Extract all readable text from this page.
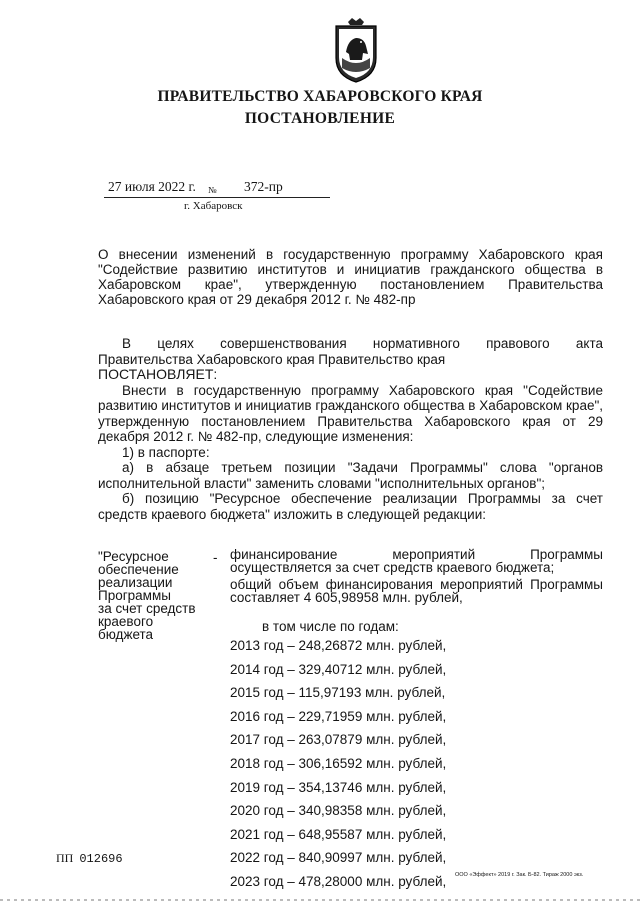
ПРАВИТЕЛЬСТВО ХАБАРОВСКОГО КРАЯ
ПОСТАНОВЛЕНИЕ
27 июля 2022 г. № 372-пр
г. Хабаровск
О внесении изменений в государственную программу Хабаровского края "Содействие развитию институтов и инициатив гражданского общества в Хабаровском крае", утвержденную постановлением Правительства Хабаровского края от 29 декабря 2012 г. № 482-пр
В целях совершенствования нормативного правового акта
Правительства Хабаровского края Правительство края
ПОСТАНОВЛЯЕТ:
Внести в государственную программу Хабаровского края "Содействие развитию институтов и инициатив гражданского общества в Хабаровском крае", утвержденную постановлением Правительства Хабаровского края от 29 декабря 2012 г. № 482-пр, следующие изменения:
1) в паспорте:
а) в абзаце третьем позиции "Задачи Программы" слова "органов исполнительной власти" заменить словами "исполнительных органов";
б) позицию "Ресурсное обеспечение реализации Программы за счет средств краевого бюджета" изложить в следующей редакции:
"Ресурсное
обеспечение
реализации
Программы
за счет средств
краевого
бюджета
- финансирование мероприятий Программы осуществляется за счет средств краевого бюджета;
общий объем финансирования мероприятий Программы составляет 4 605,98958 млн. рублей,
в том числе по годам:
2013 год – 248,26872 млн. рублей,
2014 год – 329,40712 млн. рублей,
2015 год – 115,97193 млн. рублей,
2016 год – 229,71959 млн. рублей,
2017 год – 263,07879 млн. рублей,
2018 год – 306,16592 млн. рублей,
2019 год – 354,13746 млн. рублей,
2020 год – 340,98358 млн. рублей,
2021 год – 648,95587 млн. рублей,
2022 год – 840,90997 млн. рублей,
2023 год – 478,28000 млн. рублей,
ПП 012696
ООО «Эффект» 2019 г. Зак. Б-82. Тираж 2000 экз.
